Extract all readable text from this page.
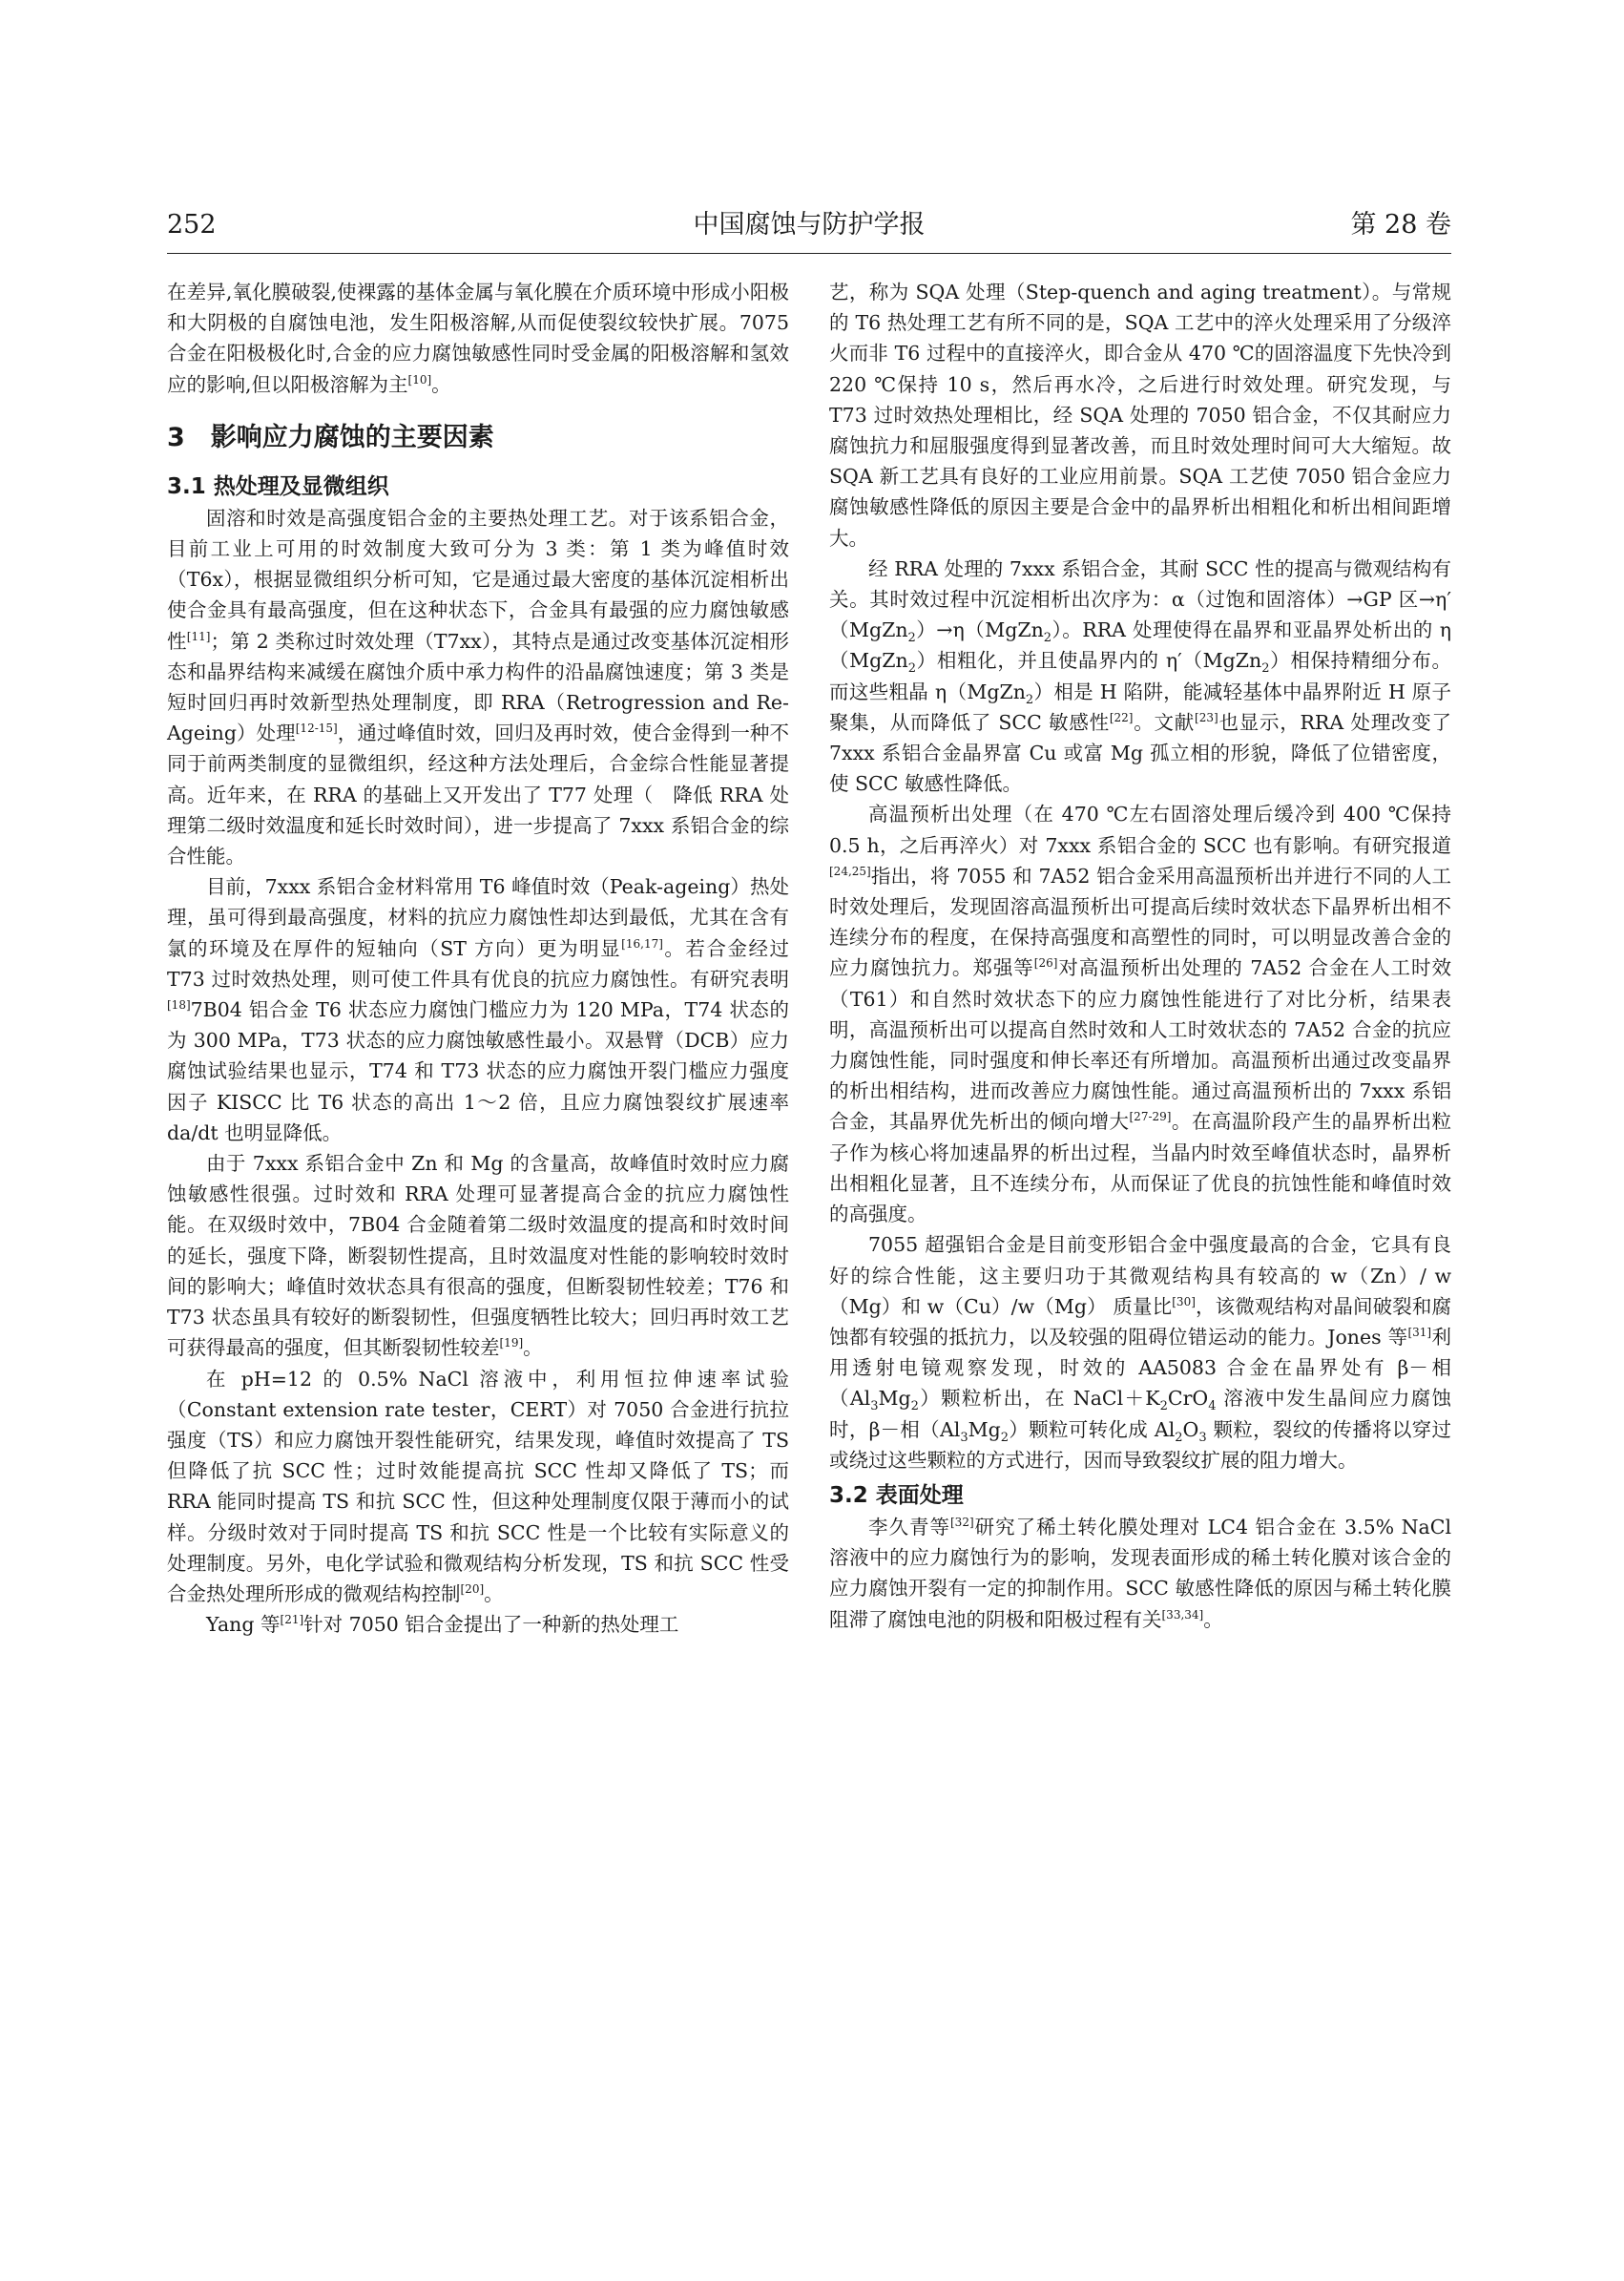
252	中国腐蚀与防护学报	第 28 卷

在差异,氧化膜破裂,使裸露的基体金属与氧化膜在介质环境中形成小阳极和大阴极的自腐蚀电池，发生阳极溶解,从而促使裂纹较快扩展。7075 合金在阳极极化时,合金的应力腐蚀敏感性同时受金属的阳极溶解和氢效应的影响,但以阳极溶解为主[10]。

3　影响应力腐蚀的主要因素
3.1 热处理及显微组织

固溶和时效是高强度铝合金的主要热处理工艺。对于该系铝合金，目前工业上可用的时效制度大致可分为 3 类：第 1 类为峰值时效（T6x），根据显微组织分析可知，它是通过最大密度的基体沉淀相析出使合金具有最高强度，但在这种状态下，合金具有最强的应力腐蚀敏感性[11]；第 2 类称过时效处理（T7xx），其特点是通过改变基体沉淀相形态和晶界结构来减缓在腐蚀介质中承力构件的沿晶腐蚀速度；第 3 类是短时回归再时效新型热处理制度，即 RRA（Retrogression and Re-Ageing）处理[12-15]，通过峰值时效，回归及再时效，使合金得到一种不同于前两类制度的显微组织，经这种方法处理后，合金综合性能显著提高。近年来，在 RRA 的基础上又开发出了 T77 处理（　降低 RRA 处理第二级时效温度和延长时效时间），进一步提高了 7xxx 系铝合金的综合性能。

目前，7xxx 系铝合金材料常用 T6 峰值时效（Peak-ageing）热处理，虽可得到最高强度，材料的抗应力腐蚀性却达到最低，尤其在含有氯的环境及在厚件的短轴向（ST 方向）更为明显[16,17]。若合金经过 T73 过时效热处理，则可使工件具有优良的抗应力腐蚀性。有研究表明[18]7B04 铝合金 T6 状态应力腐蚀门槛应力为 120 MPa，T74 状态的为 300 MPa，T73 状态的应力腐蚀敏感性最小。双悬臂（DCB）应力腐蚀试验结果也显示，T74 和 T73 状态的应力腐蚀开裂门槛应力强度因子 KISCC 比 T6 状态的高出 1～2 倍，且应力腐蚀裂纹扩展速率 da/dt 也明显降低。

由于 7xxx 系铝合金中 Zn 和 Mg 的含量高，故峰值时效时应力腐蚀敏感性很强。过时效和 RRA 处理可显著提高合金的抗应力腐蚀性能。在双级时效中，7B04 合金随着第二级时效温度的提高和时效时间的延长，强度下降，断裂韧性提高，且时效温度对性能的影响较时效时间的影响大；峰值时效状态具有很高的强度，但断裂韧性较差；T76 和 T73 状态虽具有较好的断裂韧性，但强度牺牲比较大；回归再时效工艺可获得最高的强度，但其断裂韧性较差[19]。

在 pH=12 的 0.5% NaCl 溶液中，利用恒拉伸速率试验（Constant extension rate tester，CERT）对 7050 合金进行抗拉强度（TS）和应力腐蚀开裂性能研究，结果发现，峰值时效提高了 TS 但降低了抗 SCC 性；过时效能提高抗 SCC 性却又降低了 TS；而 RRA 能同时提高 TS 和抗 SCC 性，但这种处理制度仅限于薄而小的试样。分级时效对于同时提高 TS 和抗 SCC 性是一个比较有实际意义的处理制度。另外，电化学试验和微观结构分析发现，TS 和抗 SCC 性受合金热处理所形成的微观结构控制[20]。

Yang 等[21]针对 7050 铝合金提出了一种新的热处理工

艺，称为 SQA 处理（Step-quench and aging treatment）。与常规的 T6 热处理工艺有所不同的是，SQA 工艺中的淬火处理采用了分级淬火而非 T6 过程中的直接淬火，即合金从 470 ℃的固溶温度下先快冷到 220 ℃保持 10 s，然后再水冷，之后进行时效处理。研究发现，与 T73 过时效热处理相比，经 SQA 处理的 7050 铝合金，不仅其耐应力腐蚀抗力和屈服强度得到显著改善，而且时效处理时间可大大缩短。故 SQA 新工艺具有良好的工业应用前景。SQA 工艺使 7050 铝合金应力腐蚀敏感性降低的原因主要是合金中的晶界析出相粗化和析出相间距增大。

经 RRA 处理的 7xxx 系铝合金，其耐 SCC 性的提高与微观结构有关。其时效过程中沉淀相析出次序为：α（过饱和固溶体）→GP 区→η′（MgZn$_2$）→η（MgZn$_2$）。RRA 处理使得在晶界和亚晶界处析出的 η（MgZn$_2$）相粗化，并且使晶界内的 η′（MgZn$_2$）相保持精细分布。而这些粗晶 η（MgZn$_2$）相是 H 陷阱，能减轻基体中晶界附近 H 原子聚集，从而降低了 SCC 敏感性[22]。文献[23]也显示，RRA 处理改变了 7xxx 系铝合金晶界富 Cu 或富 Mg 孤立相的形貌，降低了位错密度，使 SCC 敏感性降低。

高温预析出处理（在 470 ℃左右固溶处理后缓冷到 400 ℃保持 0.5 h，之后再淬火）对 7xxx 系铝合金的 SCC 也有影响。有研究报道[24,25]指出，将 7055 和 7A52 铝合金采用高温预析出并进行不同的人工时效处理后，发现固溶高温预析出可提高后续时效状态下晶界析出相不连续分布的程度，在保持高强度和高塑性的同时，可以明显改善合金的应力腐蚀抗力。郑强等[26]对高温预析出处理的 7A52 合金在人工时效（T61）和自然时效状态下的应力腐蚀性能进行了对比分析，结果表明，高温预析出可以提高自然时效和人工时效状态的 7A52 合金的抗应力腐蚀性能，同时强度和伸长率还有所增加。高温预析出通过改变晶界的析出相结构，进而改善应力腐蚀性能。通过高温预析出的 7xxx 系铝合金，其晶界优先析出的倾向增大[27-29]。在高温阶段产生的晶界析出粒子作为核心将加速晶界的析出过程，当晶内时效至峰值状态时，晶界析出相粗化显著，且不连续分布，从而保证了优良的抗蚀性能和峰值时效的高强度。

7055 超强铝合金是目前变形铝合金中强度最高的合金，它具有良好的综合性能，这主要归功于其微观结构具有较高的 w（Zn）/ w（Mg）和 w（Cu）/w（Mg） 质量比[30]，该微观结构对晶间破裂和腐蚀都有较强的抵抗力，以及较强的阻碍位错运动的能力。Jones 等[31]利用透射电镜观察发现，时效的 AA5083 合金在晶界处有 β－相$(Al_3Mg_2)$颗粒析出，在 $NaCl+K_2CrO_4$ 溶液中发生晶间应力腐蚀时，β－相$(Al_3Mg_2)$颗粒可转化成 $Al_2O_3$ 颗粒，裂纹的传播将以穿过或绕过这些颗粒的方式进行，因而导致裂纹扩展的阻力增大。

3.2 表面处理

李久青等[32]研究了稀土转化膜处理对 LC4 铝合金在 3.5% NaCl 溶液中的应力腐蚀行为的影响，发现表面形成的稀土转化膜对该合金的应力腐蚀开裂有一定的抑制作用。SCC 敏感性降低的原因与稀土转化膜阻滞了腐蚀电池的阴极和阳极过程有关[33,34]。
